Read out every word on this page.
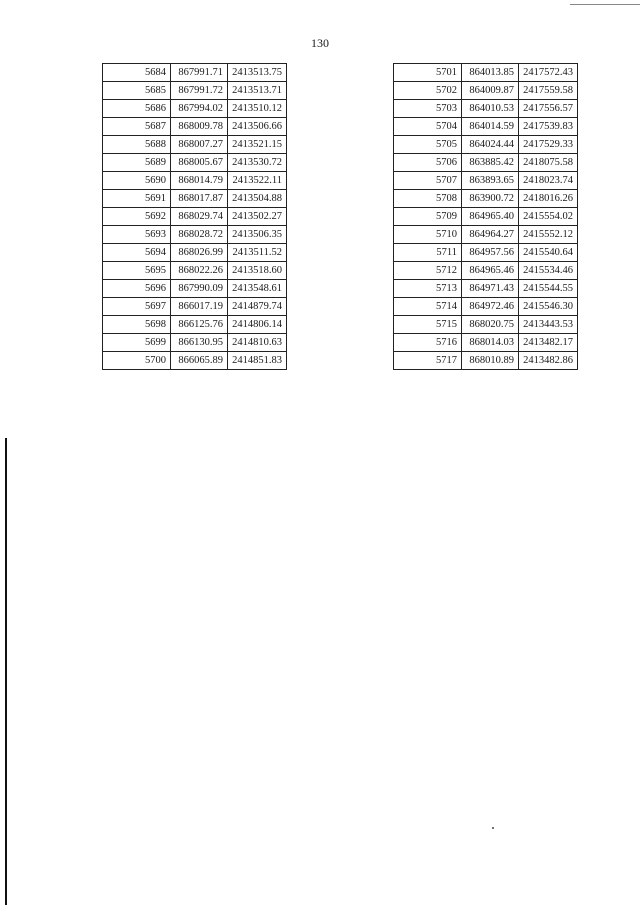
130
5684	867991.71	2413513.75
5685	867991.72	2413513.71
5686	867994.02	2413510.12
5687	868009.78	2413506.66
5688	868007.27	2413521.15
5689	868005.67	2413530.72
5690	868014.79	2413522.11
5691	868017.87	2413504.88
5692	868029.74	2413502.27
5693	868028.72	2413506.35
5694	868026.99	2413511.52
5695	868022.26	2413518.60
5696	867990.09	2413548.61
5697	866017.19	2414879.74
5698	866125.76	2414806.14
5699	866130.95	2414810.63
5700	866065.89	2414851.83
5701	864013.85	2417572.43
5702	864009.87	2417559.58
5703	864010.53	2417556.57
5704	864014.59	2417539.83
5705	864024.44	2417529.33
5706	863885.42	2418075.58
5707	863893.65	2418023.74
5708	863900.72	2418016.26
5709	864965.40	2415554.02
5710	864964.27	2415552.12
5711	864957.56	2415540.64
5712	864965.46	2415534.46
5713	864971.43	2415544.55
5714	864972.46	2415546.30
5715	868020.75	2413443.53
5716	868014.03	2413482.17
5717	868010.89	2413482.86
